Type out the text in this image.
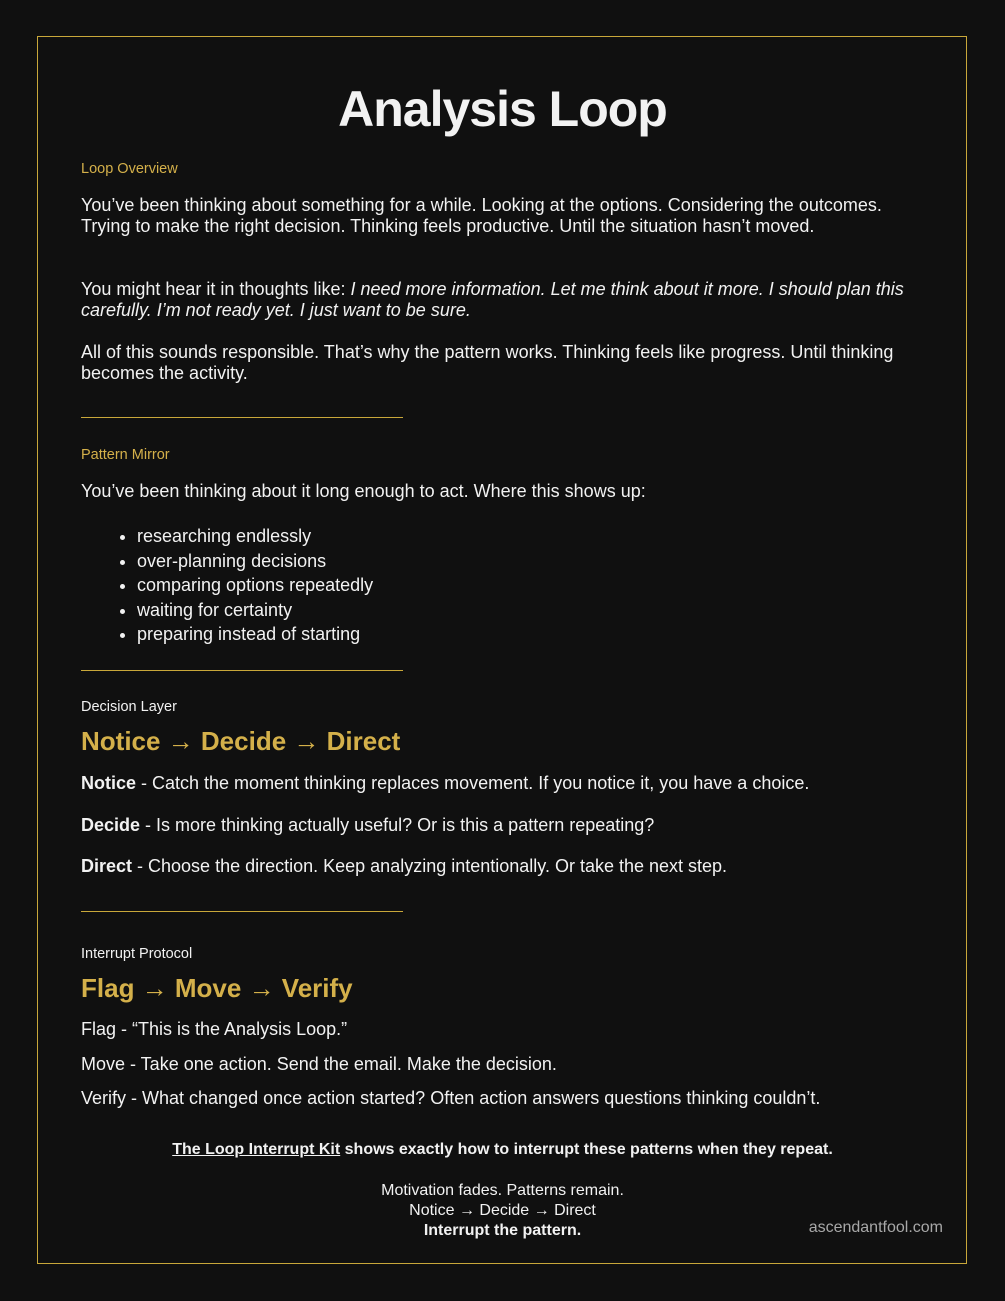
Analysis Loop
Loop Overview
You’ve been thinking about something for a while. Looking at the options. Considering the outcomes. Trying to make the right decision. Thinking feels productive. Until the situation hasn’t moved.
You might hear it in thoughts like: I need more information. Let me think about it more. I should plan this carefully. I’m not ready yet. I just want to be sure.
All of this sounds responsible. That’s why the pattern works. Thinking feels like progress. Until thinking becomes the activity.
Pattern Mirror
You’ve been thinking about it long enough to act. Where this shows up:
• researching endlessly
• over-planning decisions
• comparing options repeatedly
• waiting for certainty
• preparing instead of starting
Decision Layer
Notice → Decide → Direct
Notice - Catch the moment thinking replaces movement. If you notice it, you have a choice.
Decide - Is more thinking actually useful? Or is this a pattern repeating?
Direct - Choose the direction. Keep analyzing intentionally. Or take the next step.
Interrupt Protocol
Flag → Move → Verify
Flag - “This is the Analysis Loop.”
Move - Take one action. Send the email. Make the decision.
Verify - What changed once action started? Often action answers questions thinking couldn’t.
The Loop Interrupt Kit shows exactly how to interrupt these patterns when they repeat.
Motivation fades. Patterns remain.
Notice → Decide → Direct
Interrupt the pattern.	ascendantfool.com
